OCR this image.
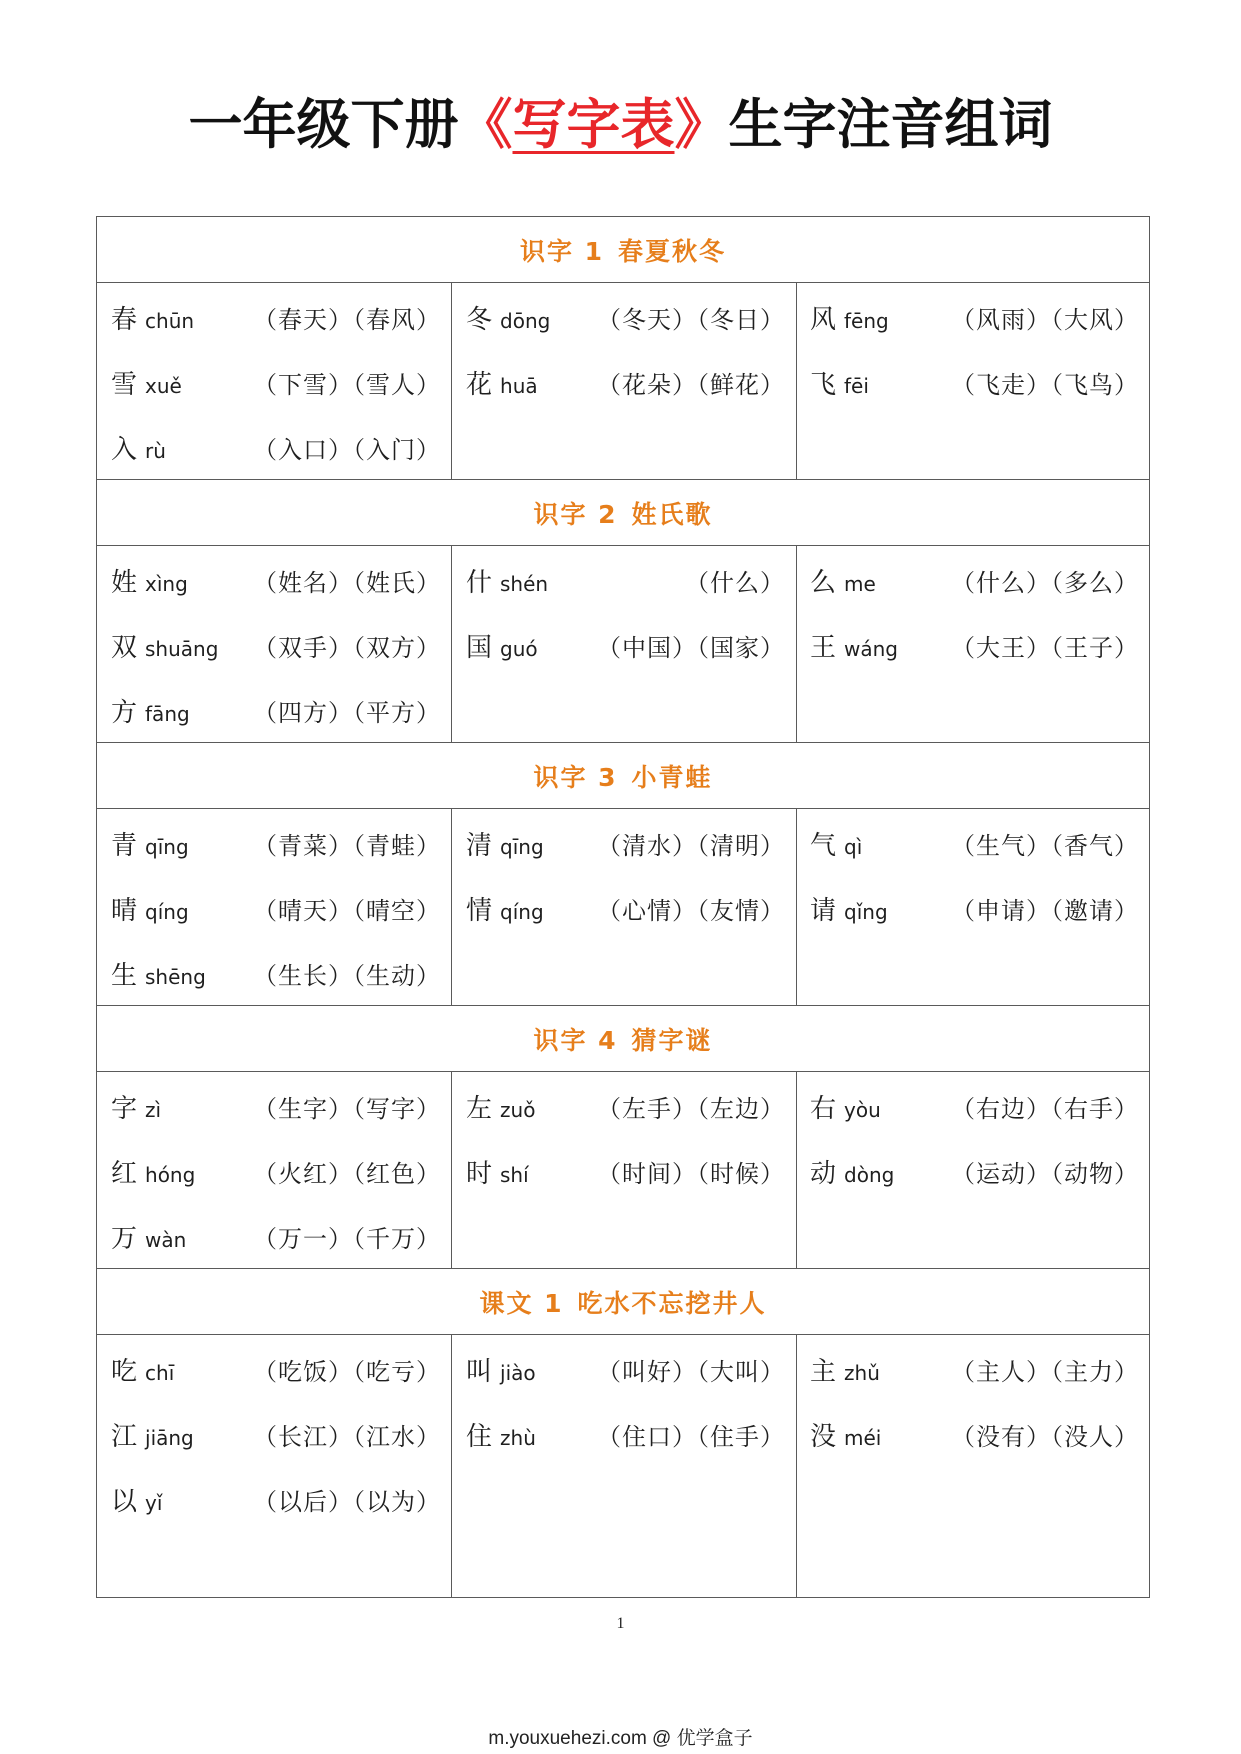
一年级下册《写字表》生字注音组词
识字 1 春夏秋冬
春 chūn	（春天）（春风）
雪 xuě	（下雪）（雪人）
入 rù	（入口）（入门）
冬 dōng	（冬天）（冬日）
花 huā	（花朵）（鲜花）
风 fēng	（风雨）（大风）
飞 fēi	（飞走）（飞鸟）
识字 2 姓氏歌
姓 xìng	（姓名）（姓氏）
双 shuāng	（双手）（双方）
方 fāng	（四方）（平方）
什 shén	（什么）
国 guó	（中国）（国家）
么 me	（什么）（多么）
王 wáng	（大王）（王子）
识字 3 小青蛙
青 qīng	（青菜）（青蛙）
晴 qíng	（晴天）（晴空）
生 shēng	（生长）（生动）
清 qīng	（清水）（清明）
情 qíng	（心情）（友情）
气 qì	（生气）（香气）
请 qǐng	（申请）（邀请）
识字 4 猜字谜
字 zì	（生字）（写字）
红 hóng	（火红）（红色）
万 wàn	（万一）（千万）
左 zuǒ	（左手）（左边）
时 shí	（时间）（时候）
右 yòu	（右边）（右手）
动 dòng	（运动）（动物）
课文 1 吃水不忘挖井人
吃 chī	（吃饭）（吃亏）
江 jiāng	（长江）（江水）
以 yǐ	（以后）（以为）
叫 jiào	（叫好）（大叫）
住 zhù	（住口）（住手）
主 zhǔ	（主人）（主力）
没 méi	（没有）（没人）
1
m.youxuehezi.com @ 优学盒子
